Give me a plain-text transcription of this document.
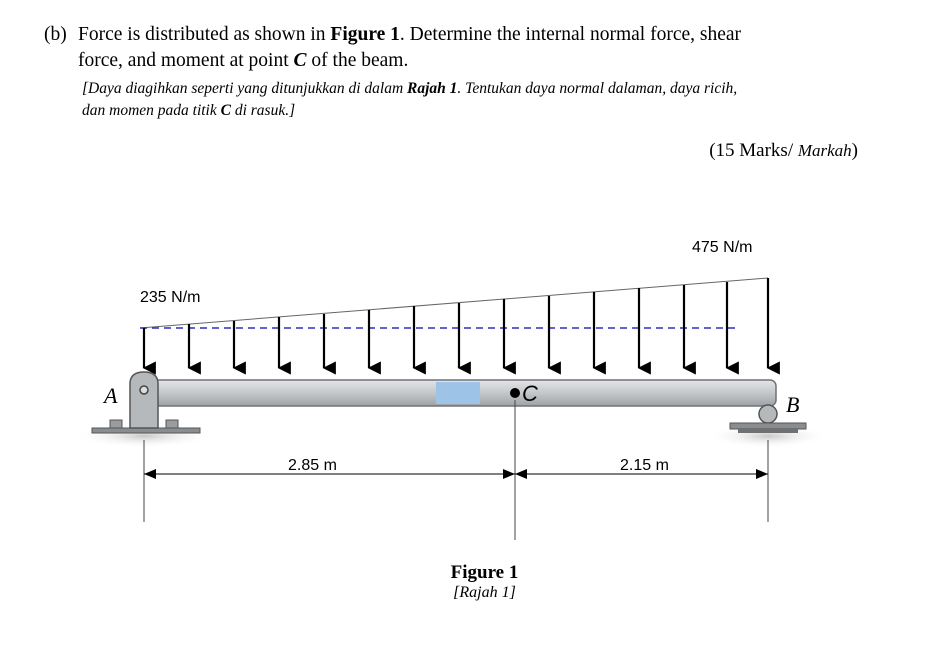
(b) Force is distributed as shown in Figure 1. Determine the internal normal force, shear
force, and moment at point C of the beam.
[Daya diagihkan seperti yang ditunjukkan di dalam Rajah 1. Tentukan daya normal dalaman, daya ricih,
dan momen pada titik C di rasuk.]
(15 Marks/ Markah)
235 N/m
475 N/m
A	B
C
2.85 m	2.15 m
Figure 1
[Rajah 1]
